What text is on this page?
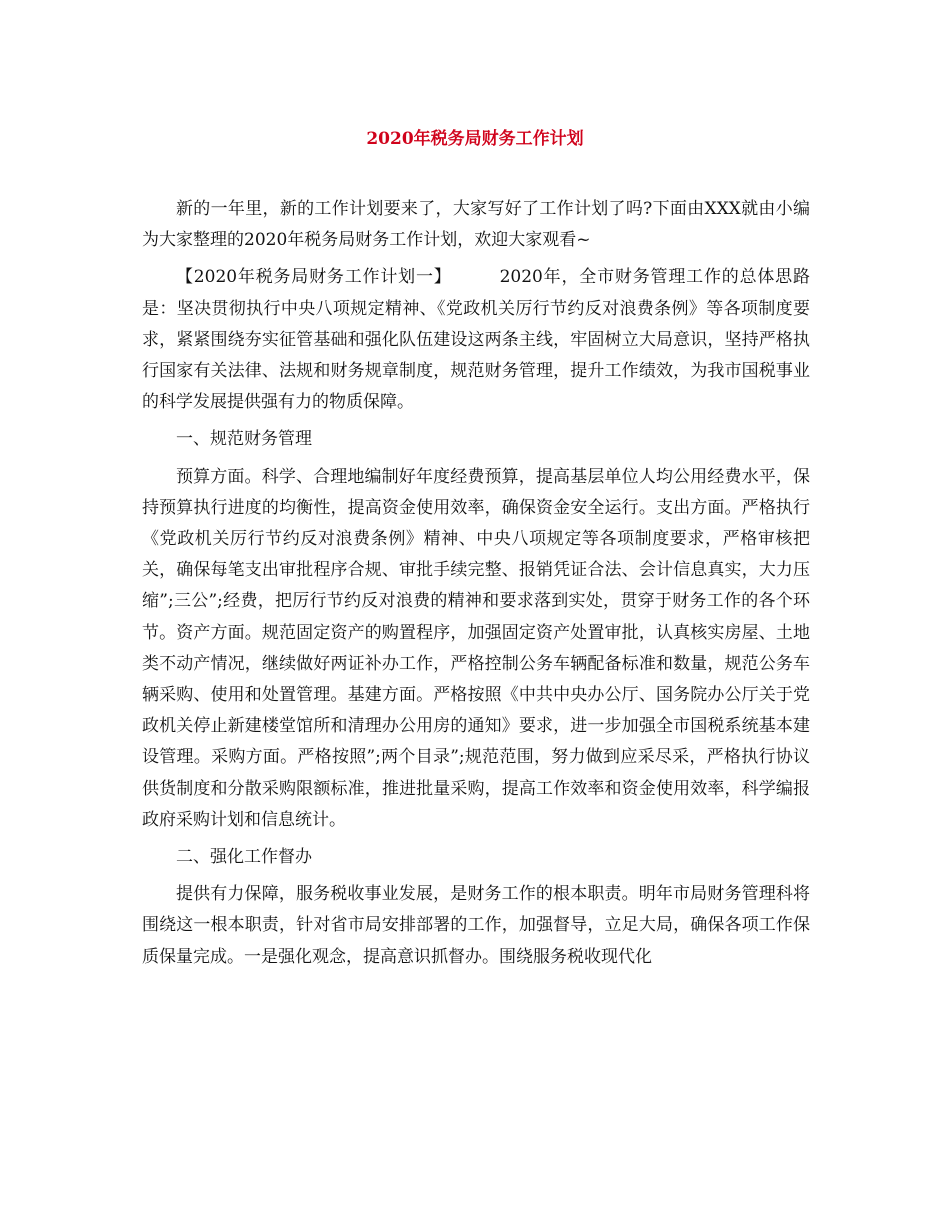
2020年税务局财务工作计划

新的一年里，新的工作计划要来了，大家写好了工作计划了吗?下面由XXX就由小编为大家整理的2020年税务局财务工作计划，欢迎大家观看~

【2020年税务局财务工作计划一】	2020年，全市财务管理工作的总体思路是：坚决贯彻执行中央八项规定精神、《党政机关厉行节约反对浪费条例》等各项制度要求，紧紧围绕夯实征管基础和强化队伍建设这两条主线，牢固树立大局意识，坚持严格执行国家有关法律、法规和财务规章制度，规范财务管理，提升工作绩效，为我市国税事业的科学发展提供强有力的物质保障。

一、规范财务管理

预算方面。科学、合理地编制好年度经费预算，提高基层单位人均公用经费水平，保持预算执行进度的均衡性，提高资金使用效率，确保资金安全运行。支出方面。严格执行《党政机关厉行节约反对浪费条例》精神、中央八项规定等各项制度要求，严格审核把关，确保每笔支出审批程序合规、审批手续完整、报销凭证合法、会计信息真实，大力压缩”;三公”;经费，把厉行节约反对浪费的精神和要求落到实处，贯穿于财务工作的各个环节。资产方面。规范固定资产的购置程序，加强固定资产处置审批，认真核实房屋、土地类不动产情况，继续做好两证补办工作，严格控制公务车辆配备标准和数量，规范公务车辆采购、使用和处置管理。基建方面。严格按照《中共中央办公厅、国务院办公厅关于党政机关停止新建楼堂馆所和清理办公用房的通知》要求，进一步加强全市国税系统基本建设管理。采购方面。严格按照”;两个目录”;规范范围，努力做到应采尽采，严格执行协议供货制度和分散采购限额标准，推进批量采购，提高工作效率和资金使用效率，科学编报政府采购计划和信息统计。

二、强化工作督办

提供有力保障，服务税收事业发展，是财务工作的根本职责。明年市局财务管理科将围绕这一根本职责，针对省市局安排部署的工作，加强督导，立足大局，确保各项工作保质保量完成。一是强化观念，提高意识抓督办。围绕服务税收现代化
